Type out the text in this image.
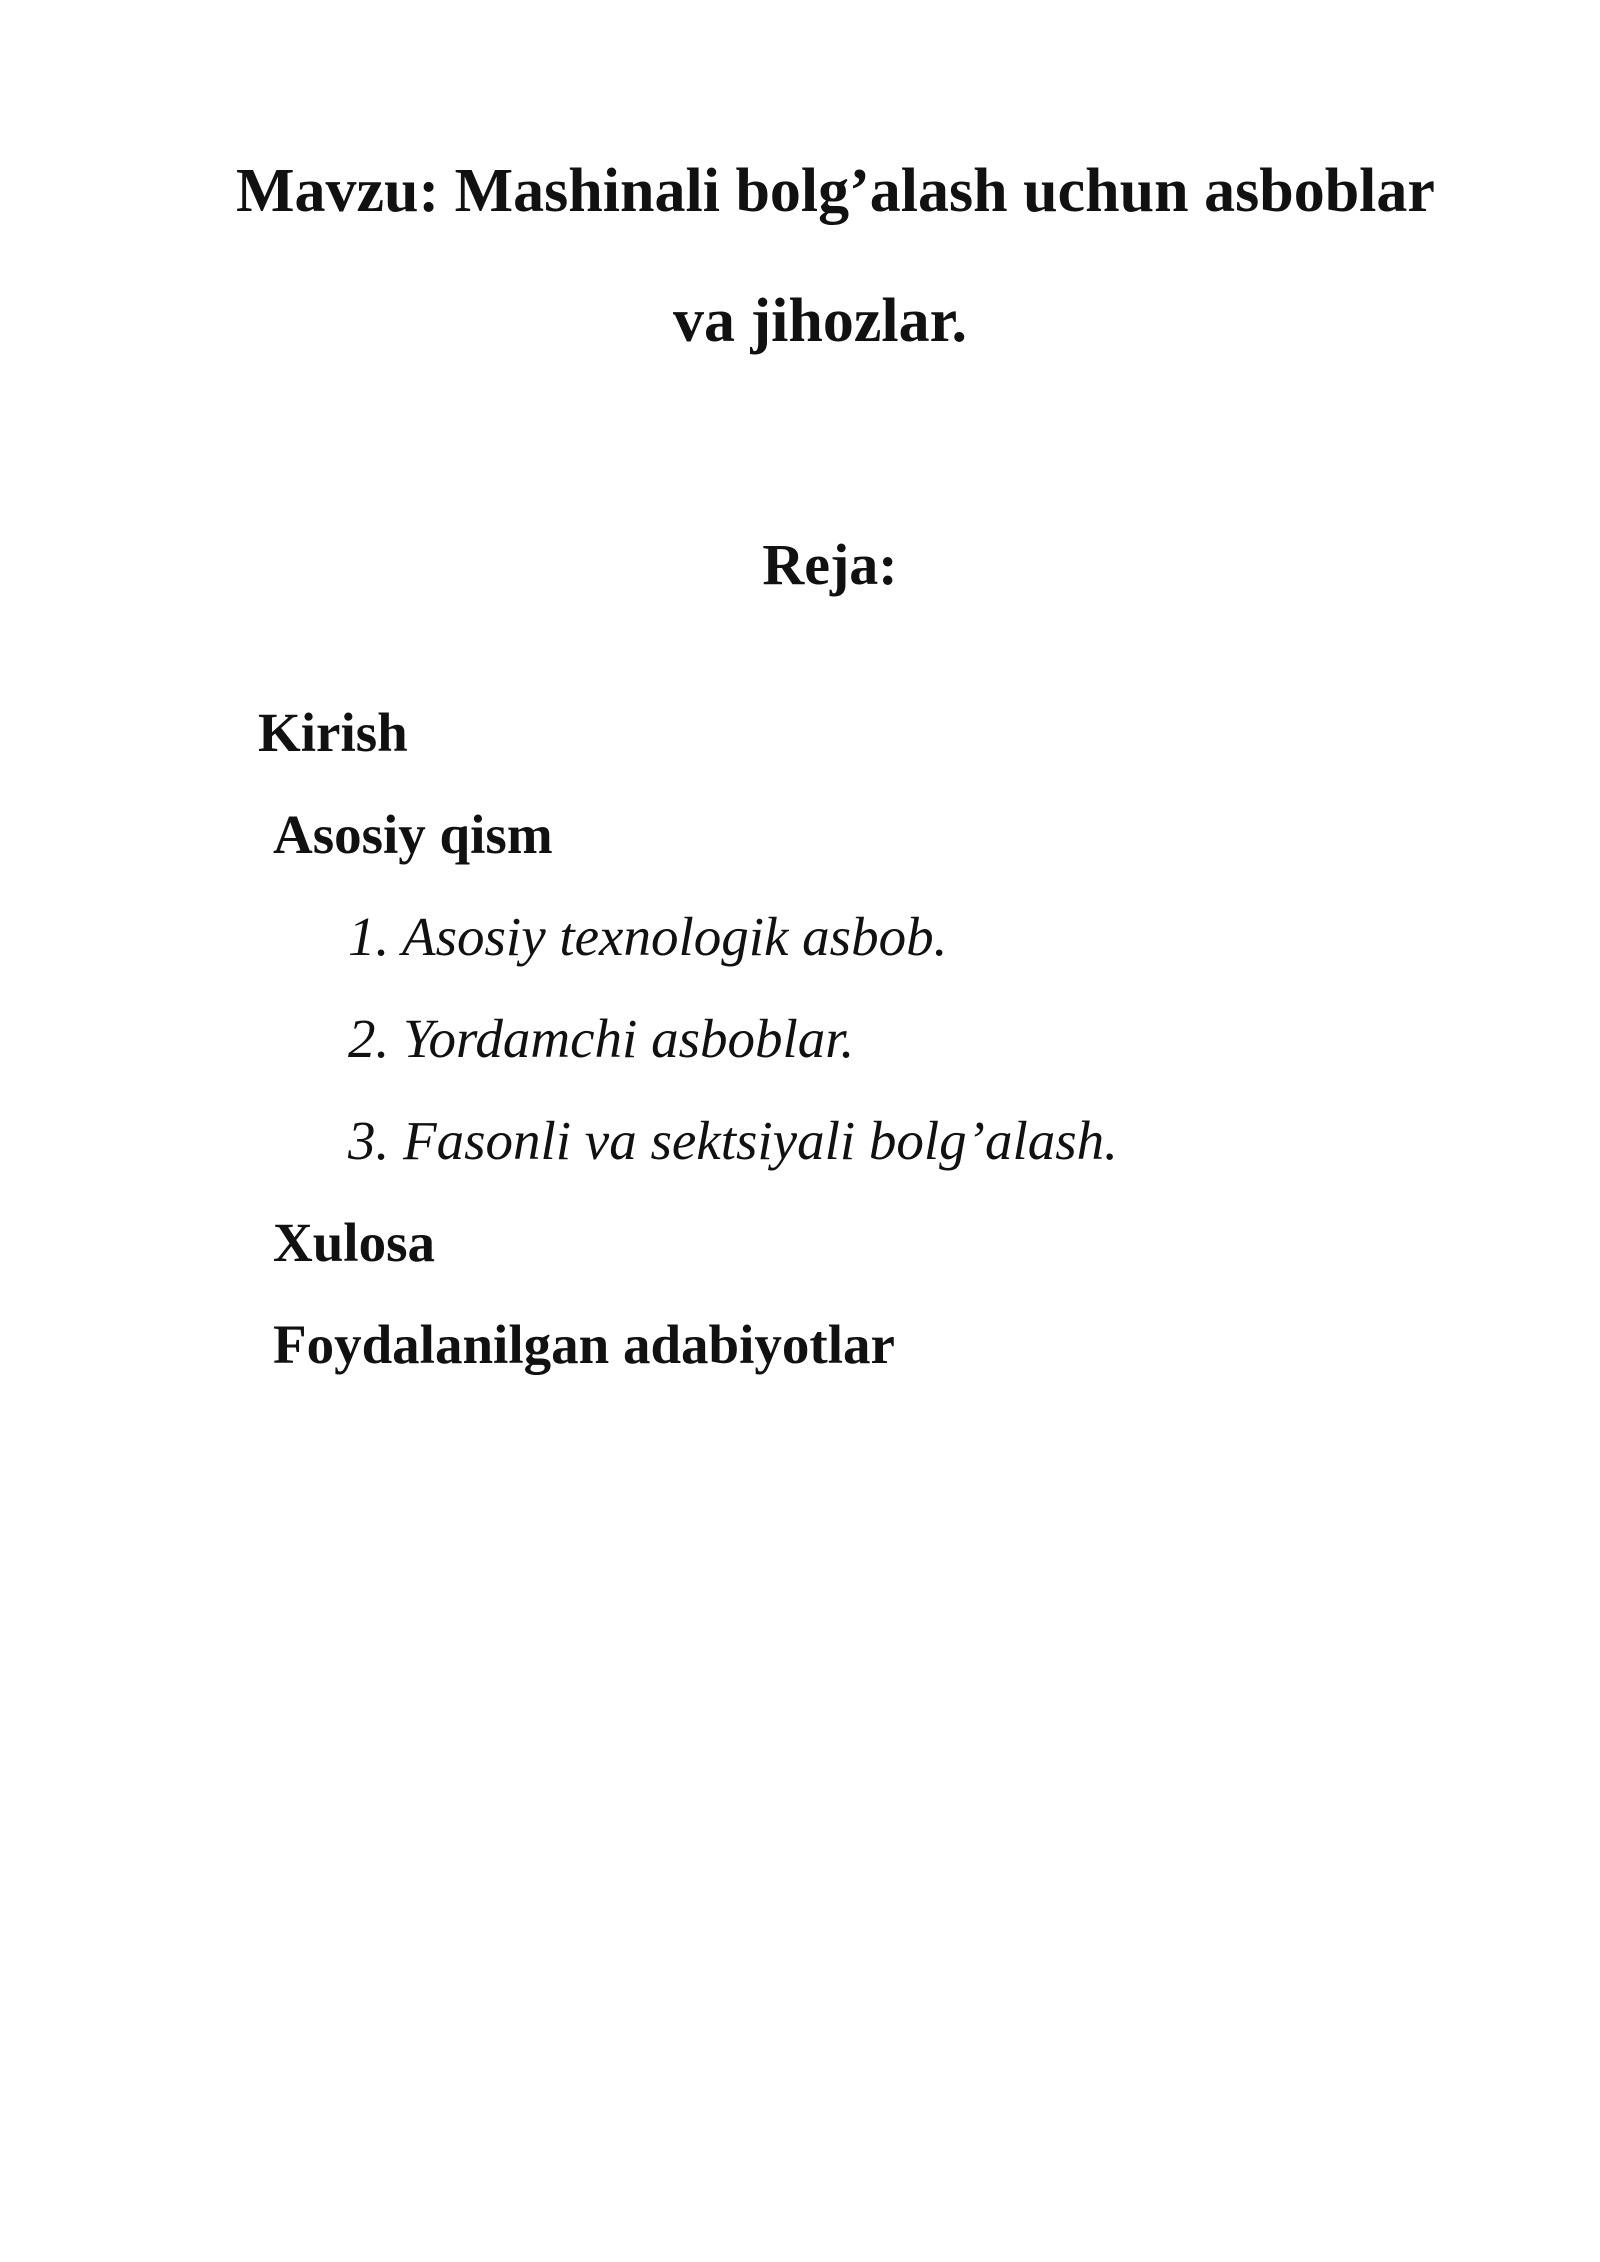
Mavzu: Mashinali bolg’alash uchun asboblar
va jihozlar.
Reja:
Kirish
Asosiy qism
1. Asosiy texnologik asbob.
2. Yordamchi asboblar.
3. Fasonli va sektsiyali bolg’alash.
Xulosa
Foydalanilgan adabiyotlar
